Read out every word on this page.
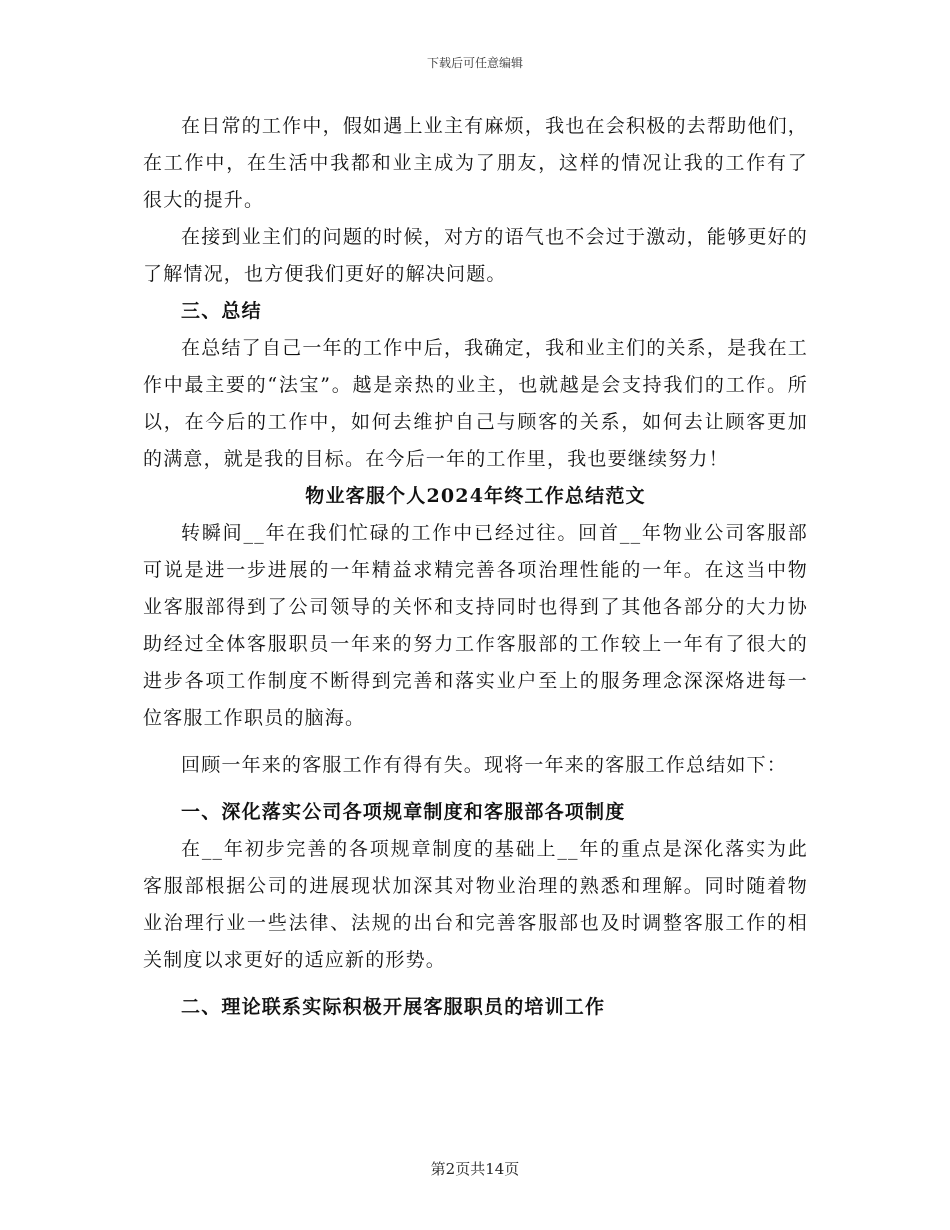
下载后可任意编辑

在日常的工作中，假如遇上业主有麻烦，我也在会积极的去帮助他们，在工作中，在生活中我都和业主成为了朋友，这样的情况让我的工作有了很大的提升。

在接到业主们的问题的时候，对方的语气也不会过于激动，能够更好的了解情况，也方便我们更好的解决问题。

三、总结

在总结了自己一年的工作中后，我确定，我和业主们的关系，是我在工作中最主要的“法宝”。越是亲热的业主，也就越是会支持我们的工作。所以，在今后的工作中，如何去维护自己与顾客的关系，如何去让顾客更加的满意，就是我的目标。在今后一年的工作里，我也要继续努力！

物业客服个人2024年终工作总结范文

转瞬间__年在我们忙碌的工作中已经过往。回首__年物业公司客服部可说是进一步进展的一年精益求精完善各项治理性能的一年。在这当中物业客服部得到了公司领导的关怀和支持同时也得到了其他各部分的大力协助经过全体客服职员一年来的努力工作客服部的工作较上一年有了很大的进步各项工作制度不断得到完善和落实业户至上的服务理念深深烙进每一位客服工作职员的脑海。

回顾一年来的客服工作有得有失。现将一年来的客服工作总结如下：

一、深化落实公司各项规章制度和客服部各项制度

在__年初步完善的各项规章制度的基础上__年的重点是深化落实为此客服部根据公司的进展现状加深其对物业治理的熟悉和理解。同时随着物业治理行业一些法律、法规的出台和完善客服部也及时调整客服工作的相关制度以求更好的适应新的形势。

二、理论联系实际积极开展客服职员的培训工作

第2页共14页
